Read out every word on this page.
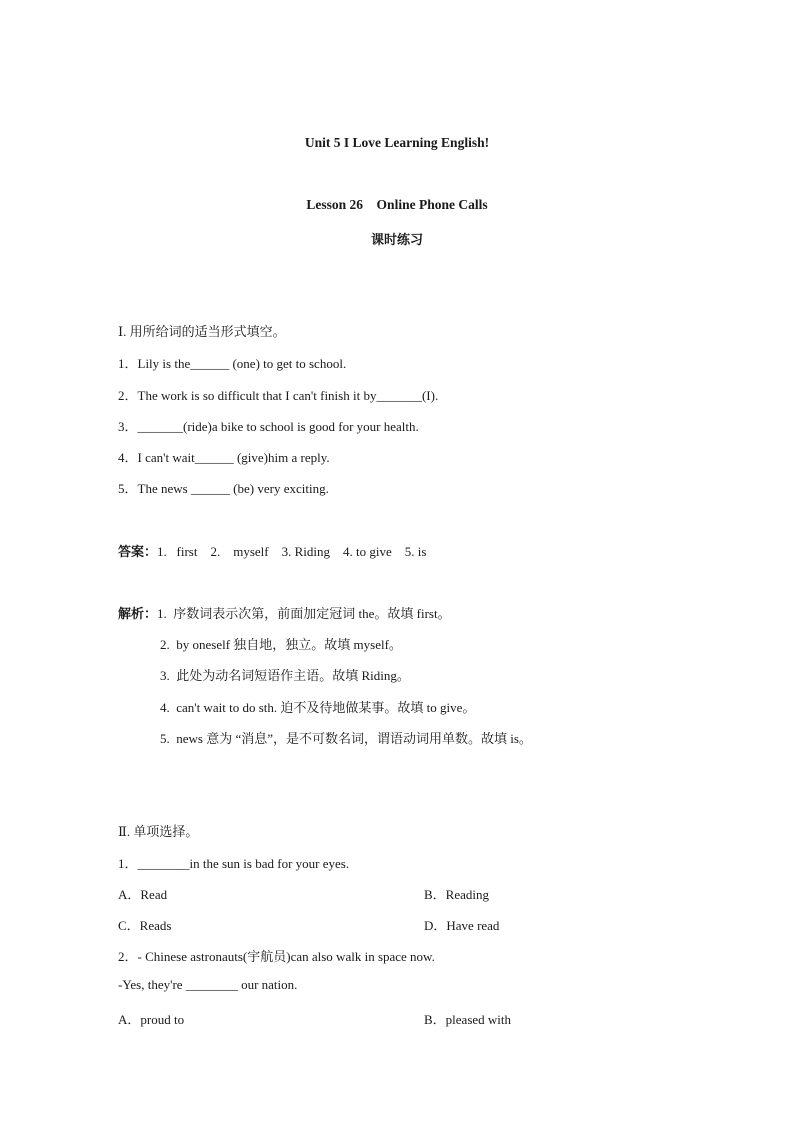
Unit 5 I Love Learning English!
Lesson 26    Online Phone Calls
课时练习
Ⅰ. 用所给词的适当形式填空。
1．Lily is the______ (one) to get to school.
2．The work is so difficult that I can't finish it by_______(I).
3．_______(ride)a bike to school is good for your health.
4．I can't wait______ (give)him a reply.
5．The news ______ (be) very exciting.
答案：1.   first    2.    myself    3. Riding    4. to give    5. is
解析：1.  序数词表示次第，前面加定冠词 the。故填 first。
2.  by oneself 独自地，独立。故填 myself。
3.  此处为动名词短语作主语。故填 Riding。
4.  can't wait to do sth. 迫不及待地做某事。故填 to give。
5.  news 意为 “消息”，是不可数名词，谓语动词用单数。故填 is。
Ⅱ. 单项选择。
1．________in the sun is bad for your eyes.
A．Read	B．Reading
C．Reads	D．Have read
2．- Chinese astronauts(宇航员)can also walk in space now.
-Yes, they're ________ our nation.
A．proud to	B．pleased with
